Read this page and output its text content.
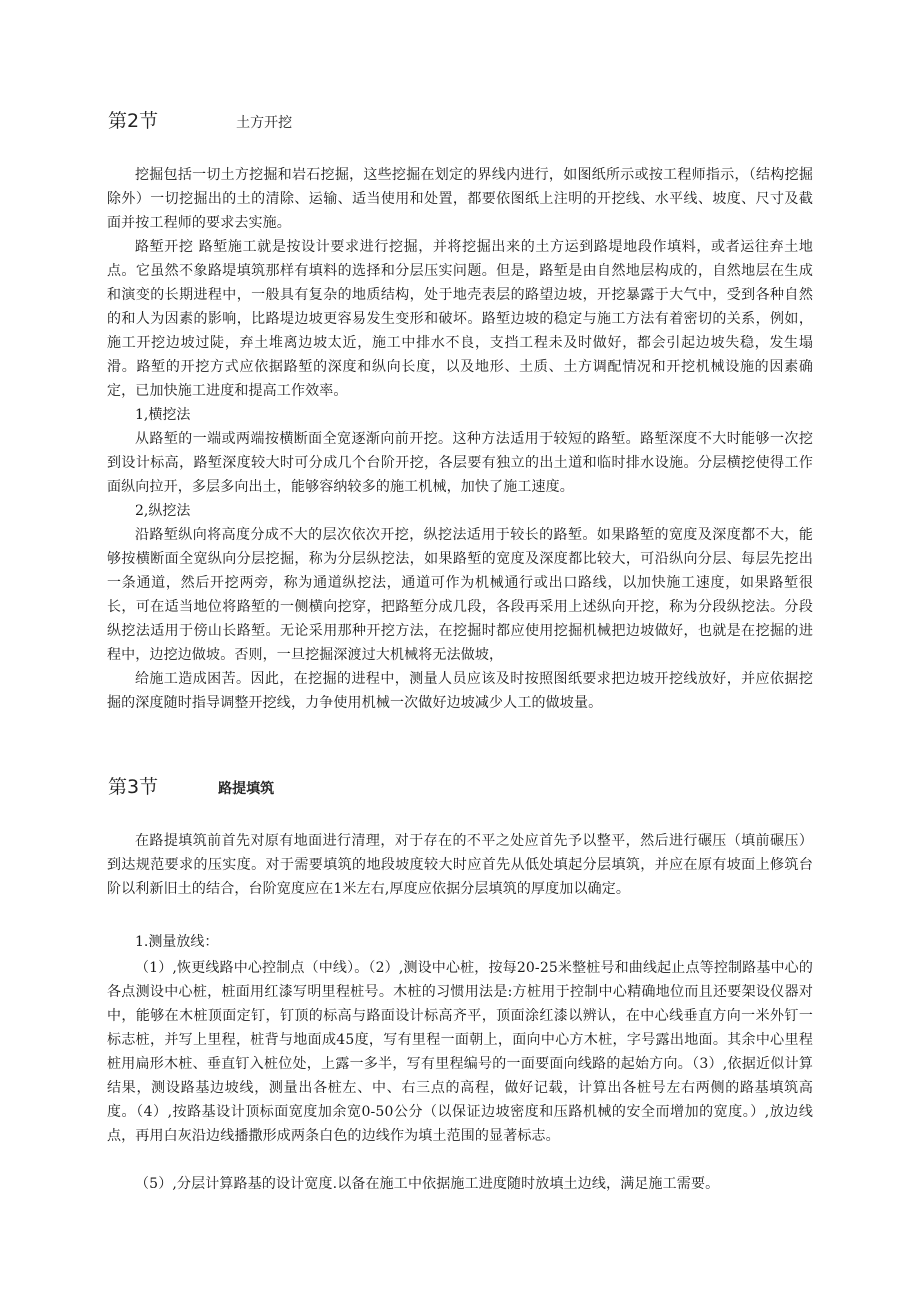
第2节	土方开挖

挖掘包括一切土方挖掘和岩石挖掘，这些挖掘在划定的界线内进行，如图纸所示或按工程师指示，（结构挖掘除外）一切挖掘出的土的清除、运输、适当使用和处置，都要依图纸上注明的开挖线、水平线、坡度、尺寸及截面并按工程师的要求去实施。

路堑开挖 路堑施工就是按设计要求进行挖掘，并将挖掘出来的土方运到路堤地段作填料，或者运往弃土地点。它虽然不象路堤填筑那样有填料的选择和分层压实问题。但是，路堑是由自然地层构成的，自然地层在生成和演变的长期进程中，一般具有复杂的地质结构，处于地壳表层的路望边坡，开挖暴露于大气中，受到各种自然的和人为因素的影响，比路堤边坡更容易发生变形和破坏。路堑边坡的稳定与施工方法有着密切的关系，例如，施工开挖边坡过陡，弃土堆离边坡太近，施工中排水不良，支挡工程未及时做好，都会引起边坡失稳，发生塌滑。路堑的开挖方式应依据路堑的深度和纵向长度，以及地形、土质、土方调配情况和开挖机械设施的因素确定，已加快施工进度和提高工作效率。

1,横挖法

从路堑的一端或两端按横断面全宽逐渐向前开挖。这种方法适用于较短的路堑。路堑深度不大时能够一次挖到设计标高，路堑深度较大时可分成几个台阶开挖，各层要有独立的出土道和临时排水设施。分层横挖使得工作面纵向拉开，多层多向出土，能够容纳较多的施工机械，加快了施工速度。

2,纵挖法

沿路堑纵向将高度分成不大的层次依次开挖，纵挖法适用于较长的路堑。如果路堑的宽度及深度都不大，能够按横断面全宽纵向分层挖掘，称为分层纵挖法，如果路堑的宽度及深度都比较大，可沿纵向分层、每层先挖出一条通道，然后开挖两旁，称为通道纵挖法，通道可作为机械通行或出口路线，以加快施工速度，如果路堑很长，可在适当地位将路堑的一侧横向挖穿，把路堑分成几段，各段再采用上述纵向开挖，称为分段纵挖法。分段纵挖法适用于傍山长路堑。无论采用那种开挖方法，在挖掘时都应使用挖掘机械把边坡做好，也就是在挖掘的进程中，边挖边做坡。否则，一旦挖掘深渡过大机械将无法做坡，

给施工造成困苦。因此，在挖掘的进程中，测量人员应该及时按照图纸要求把边坡开挖线放好，并应依据挖掘的深度随时指导调整开挖线，力争使用机械一次做好边坡减少人工的做坡量。

第3节	路提填筑

在路提填筑前首先对原有地面进行清理，对于存在的不平之处应首先予以整平，然后进行碾压（填前碾压）到达规范要求的压实度。对于需要填筑的地段坡度较大时应首先从低处填起分层填筑，并应在原有坡面上修筑台阶以利新旧土的结合，台阶宽度应在1米左右,厚度应依据分层填筑的厚度加以确定。

1.测量放线：

（1）,恢更线路中心控制点（中线）。（2）,测设中心桩，按每20-25米整桩号和曲线起止点等控制路基中心的各点测设中心桩，桩面用红漆写明里程桩号。木桩的习惯用法是:方桩用于控制中心精确地位而且还要架设仪器对中，能够在木桩顶面定钉，钉顶的标高与路面设计标高齐平，顶面涂红漆以辨认，在中心线垂直方向一米外钉一标志桩，并写上里程，桩背与地面成45度，写有里程一面朝上，面向中心方木桩，字号露出地面。其余中心里程桩用扁形木桩、垂直钉入桩位处，上露一多半，写有里程编号的一面要面向线路的起始方向。（3）,依据近似计算结果，测设路基边坡线，测量出各桩左、中、右三点的高程，做好记载，计算出各桩号左右两侧的路基填筑高度。（4）,按路基设计顶标面宽度加余宽0-50公分（以保证边坡密度和压路机械的安全而增加的宽度。）,放边线点，再用白灰沿边线播撒形成两条白色的边线作为填土范围的显著标志。

（5）,分层计算路基的设计宽度.以备在施工中依据施工进度随时放填土边线，满足施工需要。
